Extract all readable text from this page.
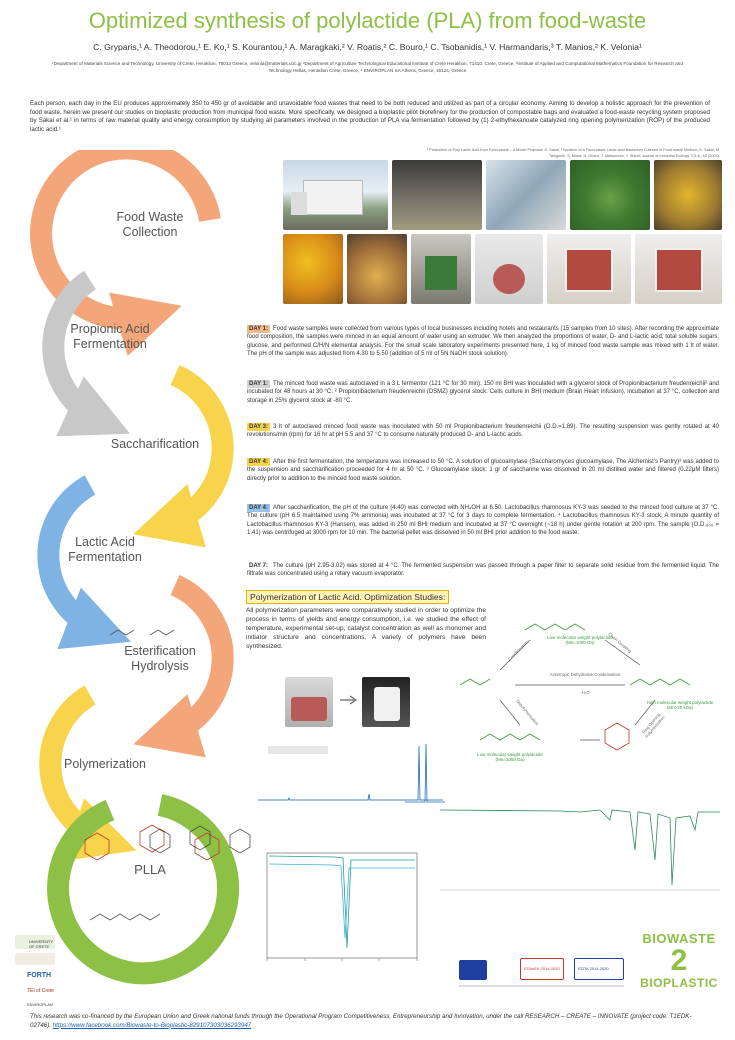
Optimized synthesis of polylactide (PLA) from food-waste
C. Gryparis,¹ A. Theodorou,¹ E. Ko,¹ S. Kourantou,¹ A. Maragkaki,² V. Roatis,² C. Bouro,¹ C. Tsobanidis,¹ V. Harmandaris,³ T. Manios,² K. Velonia¹
¹Department of Materials Science and Technology, University of Crete, Heraklion, 70013 Greece, velonia@materials.uoc.gr ²Department of Agriculture Technological Educational Institute of Crete Heraklion, 71410, Crete, Greece, ³Institute of Applied and Computational Mathematics Foundation for Research and Technology Hellas, Heraklion Crete, Greece, ⁴ ENVIROPLAN SA Athens, Greece, 15124, Greece
Each person, each day in the EU produces approximately 350 to 450 gr of avoidable and unavoidable food wastes that need to be both reduced and utilized as part of a circular economy. Aiming to develop a holistic approach for the prevention of food waste, herein we present our studies on bioplastic production from municipal food waste. More specifically, we designed a bioplastic pilot biorefinery for the production of compostable bags and evaluated a food-waste recycling system proposed by Sakai et al.¹ in terms of raw material quality and energy consumption by studying all parameters involved in the production of PLA via fermentation followed by (1) 2-ethylhexanoate catalyzed ring opening polymerization (ROP) of the produced lactic acid.¹
Food Waste Collection
Propionic Acid Fermentation
Saccharification
Lactic Acid Fermentation
Esterification Hydrolysis
Polymerization
PLLA
¹ Production of Poly Lactic Acid from Food-waste – A Model Proposal, K. Sakai; ² Isolation of a Food-waste Lactic acid Bacterium Cultured in Food waste Medium; K. Sakai, M. Taniguchi, S. Miura, H. Ohara, T. Matsumoto, Y. Shirai, Journal of Industrial Ecology 7(3-4), 63 (2003).
DAY 1: Food waste samples were collected from various types of local businesses including hotels and restaurants (15 samples from 10 sites). After recording the approximate food composition, the samples were minced in an equal amount of water using an extruder. We then analyzed the proportions of water, D- and L-lactic acid, total soluble sugars, glucose, and performed C/H/N elemental analysis. For the small scale laboratory experiments presented here, 1 kg of minced food waste sample was mixed with 1 lt of water. The pH of the sample was adjusted from 4.30 to 5.50 (addition of 5 ml of 5N NaOH stock solution).
DAY 1: The minced food waste was autoclaved in a 3 L fermentor (121 °C for 30 min). 150 ml BHI was inoculated with a glycerol stock of Propionibacterium freudenreichii² and incubated for 48 hours at 30 °C. ² Propionibacterium freudenreichii (DSMZ) glycerol stock: Cells culture in BHI medium (Brain Heart Infusion), incubation at 37 °C, collection and storage in 25% glycerol stock at -80 °C.
DAY 3: 3 lt of autoclaved minced food waste was inoculated with 50 ml Propionibacterium freudenreichii (O.D.=1.89). The resulting suspension was gently rotated at 40 revolutions/min (rpm) for 16 hr at pH 5.5 and 37 °C to consume naturally produced D- and L-lactic acids.
DAY 4: After the first fermentation, the temperature was increased to 50 °C. A solution of glucoamylase (Saccharomyces glucoamylase, The Alchemist's Pantry)³ was added to the suspension and saccharification proceeded for 4 hr at 50 °C. ³ Glucoamylase stock: 1 gr of saccharine was dissolved in 20 ml distilled water and filtered (0.22μM filters) directly prior to addition to the minced food waste solution.
DAY 4: After saccharification, the pH of the culture (4.40) was corrected with NH₄OH at 6.50. Lactobacillus rhamnosus KY-3 was seeded to the minced food culture at 37 °C. The culture (pH 6.5 maintained using 7% ammonia) was incubated at 37 °C for 3 days to complete fermentation. ⁴ Lactobacillus rhamnosus KY-3 stock: A minute quantity of Lactobacillus rhamnosus KY-3 (Hansen), was added in 250 ml BHI medium and incubated at 37 °C overnight (~18 h) under gentle rotation at 200 rpm. The sample (O.D.₆₀₀ = 1.41) was centrifuged at 3000 rpm for 10 min. The bacterial pellet was dissolved in 50 ml BHI prior addition to the food waste.
DAY 7: The culture (pH 2.95-3.02) was stored at 4 °C. The fermented suspension was passed through a paper filter to separate solid residue from the fermented liquid. The filtrate was concentrated using a rotary vacuum evaporator.
Polymerization of Lactic Acid. Optimization Studies:
All polymerization parameters were comparatively studied in order to optimize the process in terms of yields and energy consumption, i.e. we studied the effect of temperature, experimental set-up, catalyst concentration as well as monomer and initiator structure and concentrations. A variety of polymers have been synthesized.
Low molecular weight polylactide (Mn=1000 Da)
High molecular weight polylactide (Mn>20 kDa)
Low molecular weight polylactide (Mn=1000 Da)
Azeotropic Dehydrative Condensation
-H₂O
Condensation	Chain Coupling
Depolymerization	Ring Opening Polymerization
UNIVERSITY OF CRETE
FORTH
TEI of Crete
ENVIROPLAN
ΕΠΑνΕΚ 2014-2020	ΕΣΠΑ 2014-2020
BIOWASTE
2
BIOPLASTIC
This research was co-financed by the European Union and Greek national funds through the Operational Program Competitiveness, Entrepreneurship and Innovation, under the call RESEARCH – CREATE – INNOVATE (project code: T1EDK-02746). https://www.facebook.com/Biowaste-to-Bioplastic-829107303036293947
